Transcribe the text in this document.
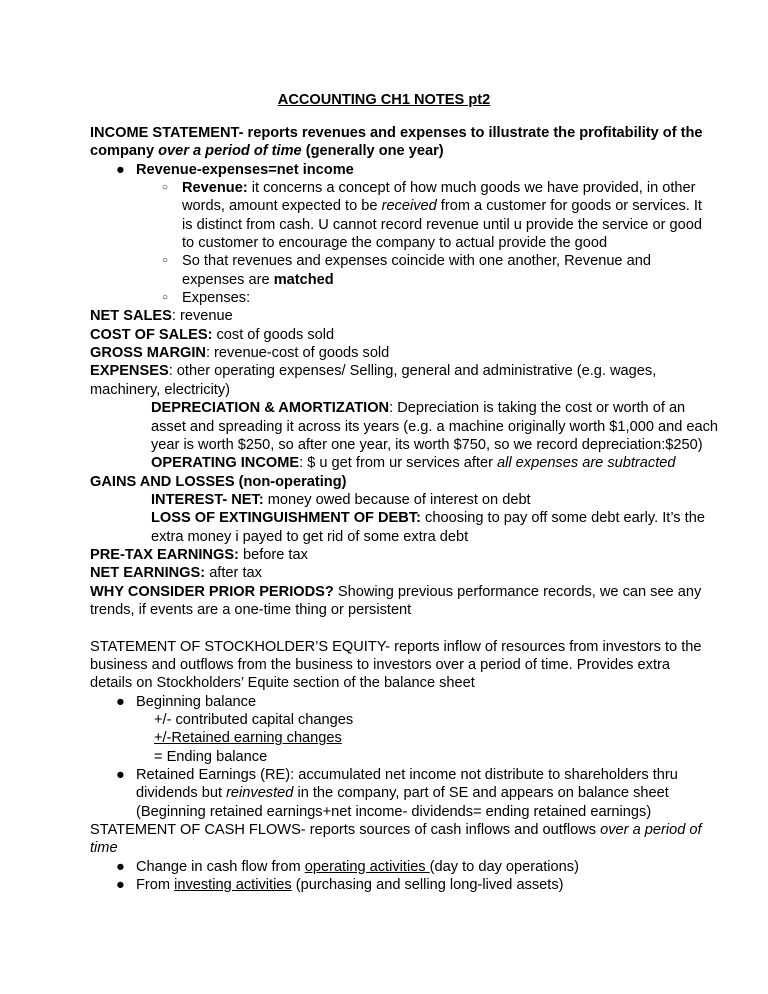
ACCOUNTING CH1 NOTES pt2
INCOME STATEMENT- reports revenues and expenses to illustrate the profitability of the
company over a period of time (generally one year)
● Revenue-expenses=net income
○ Revenue: it concerns a concept of how much goods we have provided, in other
words, amount expected to be received from a customer for goods or services. It
is distinct from cash. U cannot record revenue until u provide the service or good
to customer to encourage the company to actual provide the good
○ So that revenues and expenses coincide with one another, Revenue and
expenses are matched
○ Expenses:
NET SALES: revenue
COST OF SALES: cost of goods sold
GROSS MARGIN: revenue-cost of goods sold
EXPENSES: other operating expenses/ Selling, general and administrative (e.g. wages,
machinery, electricity)
DEPRECIATION & AMORTIZATION: Depreciation is taking the cost or worth of an
asset and spreading it across its years (e.g. a machine originally worth $1,000 and each
year is worth $250, so after one year, its worth $750, so we record depreciation:$250)
OPERATING INCOME: $ u get from ur services after all expenses are subtracted
GAINS AND LOSSES (non-operating)
INTEREST- NET: money owed because of interest on debt
LOSS OF EXTINGUISHMENT OF DEBT: choosing to pay off some debt early. It’s the
extra money i payed to get rid of some extra debt
PRE-TAX EARNINGS: before tax
NET EARNINGS: after tax
WHY CONSIDER PRIOR PERIODS? Showing previous performance records, we can see any
trends, if events are a one-time thing or persistent
STATEMENT OF STOCKHOLDER’S EQUITY- reports inflow of resources from investors to the
business and outflows from the business to investors over a period of time. Provides extra
details on Stockholders’ Equite section of the balance sheet
● Beginning balance
+/- contributed capital changes
+/-Retained earning changes
= Ending balance
● Retained Earnings (RE): accumulated net income not distribute to shareholders thru
dividends but reinvested in the company, part of SE and appears on balance sheet
(Beginning retained earnings+net income- dividends= ending retained earnings)
STATEMENT OF CASH FLOWS- reports sources of cash inflows and outflows over a period of
time
● Change in cash flow from operating activities (day to day operations)
● From investing activities (purchasing and selling long-lived assets)
